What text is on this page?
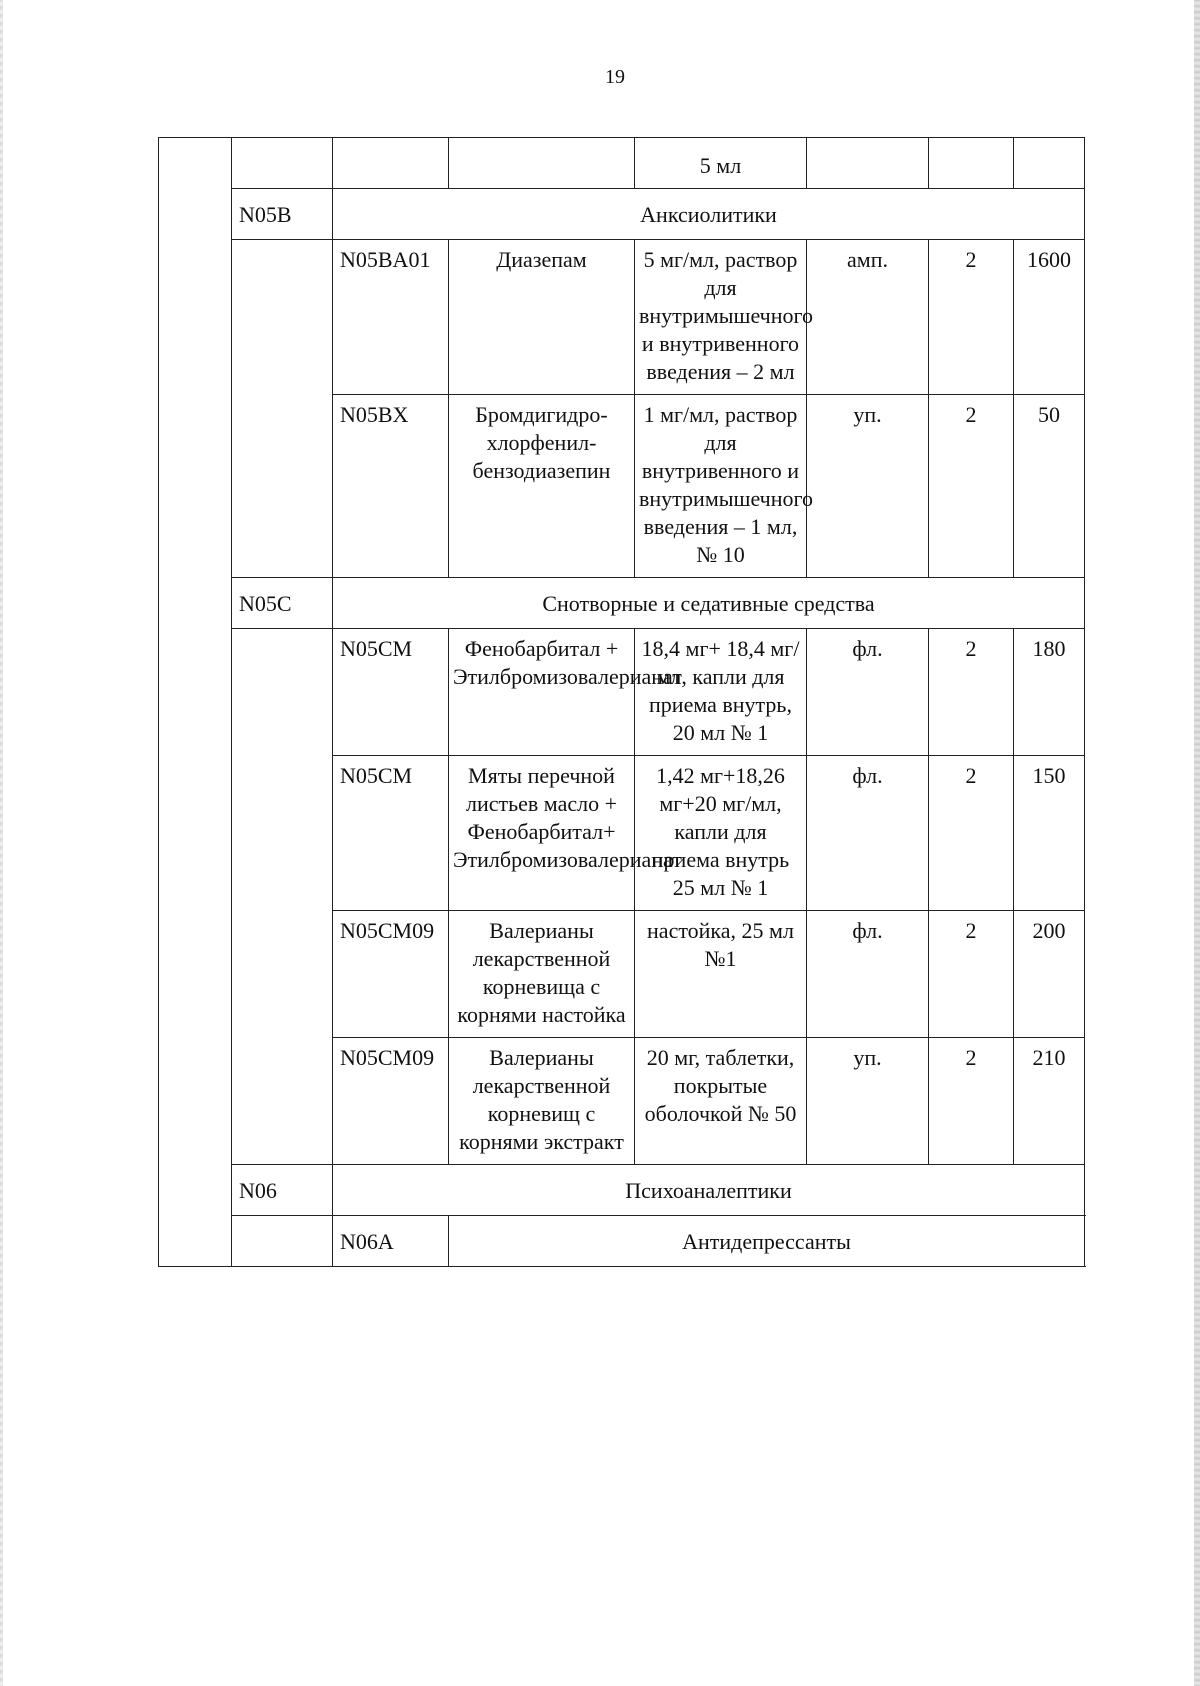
19
				5 мл			
	N05B	Анксиолитики					
		N05BA01	Диазепам	5 мг/мл, раствор для внутримышечного и внутривенного введения – 2 мл	амп.	2	1600
		N05BX	Бромдигидро-хлорфенил-бензодиазепин	1 мг/мл, раствор для внутривенного и внутримышечного введения – 1 мл, № 10	уп.	2	50
	N05C	Снотворные и седативные средства					
		N05CM	Фенобарбитал + Этилбромизовалерианат	18,4 мг+ 18,4 мг/мл, капли для приема внутрь, 20 мл № 1	фл.	2	180
		N05CM	Мяты перечной листьев масло + Фенобарбитал+ Этилбромизовалерианат	1,42 мг+18,26 мг+20 мг/мл, капли для приема внутрь 25 мл № 1	фл.	2	150
		N05CM09	Валерианы лекарственной корневища с корнями настойка	настойка, 25 мл №1	фл.	2	200
		N05CM09	Валерианы лекарственной корневищ с корнями экстракт	20 мг, таблетки, покрытые оболочкой № 50	уп.	2	210
	N06	Психоаналептики					
		N06A	Антидепрессанты				
